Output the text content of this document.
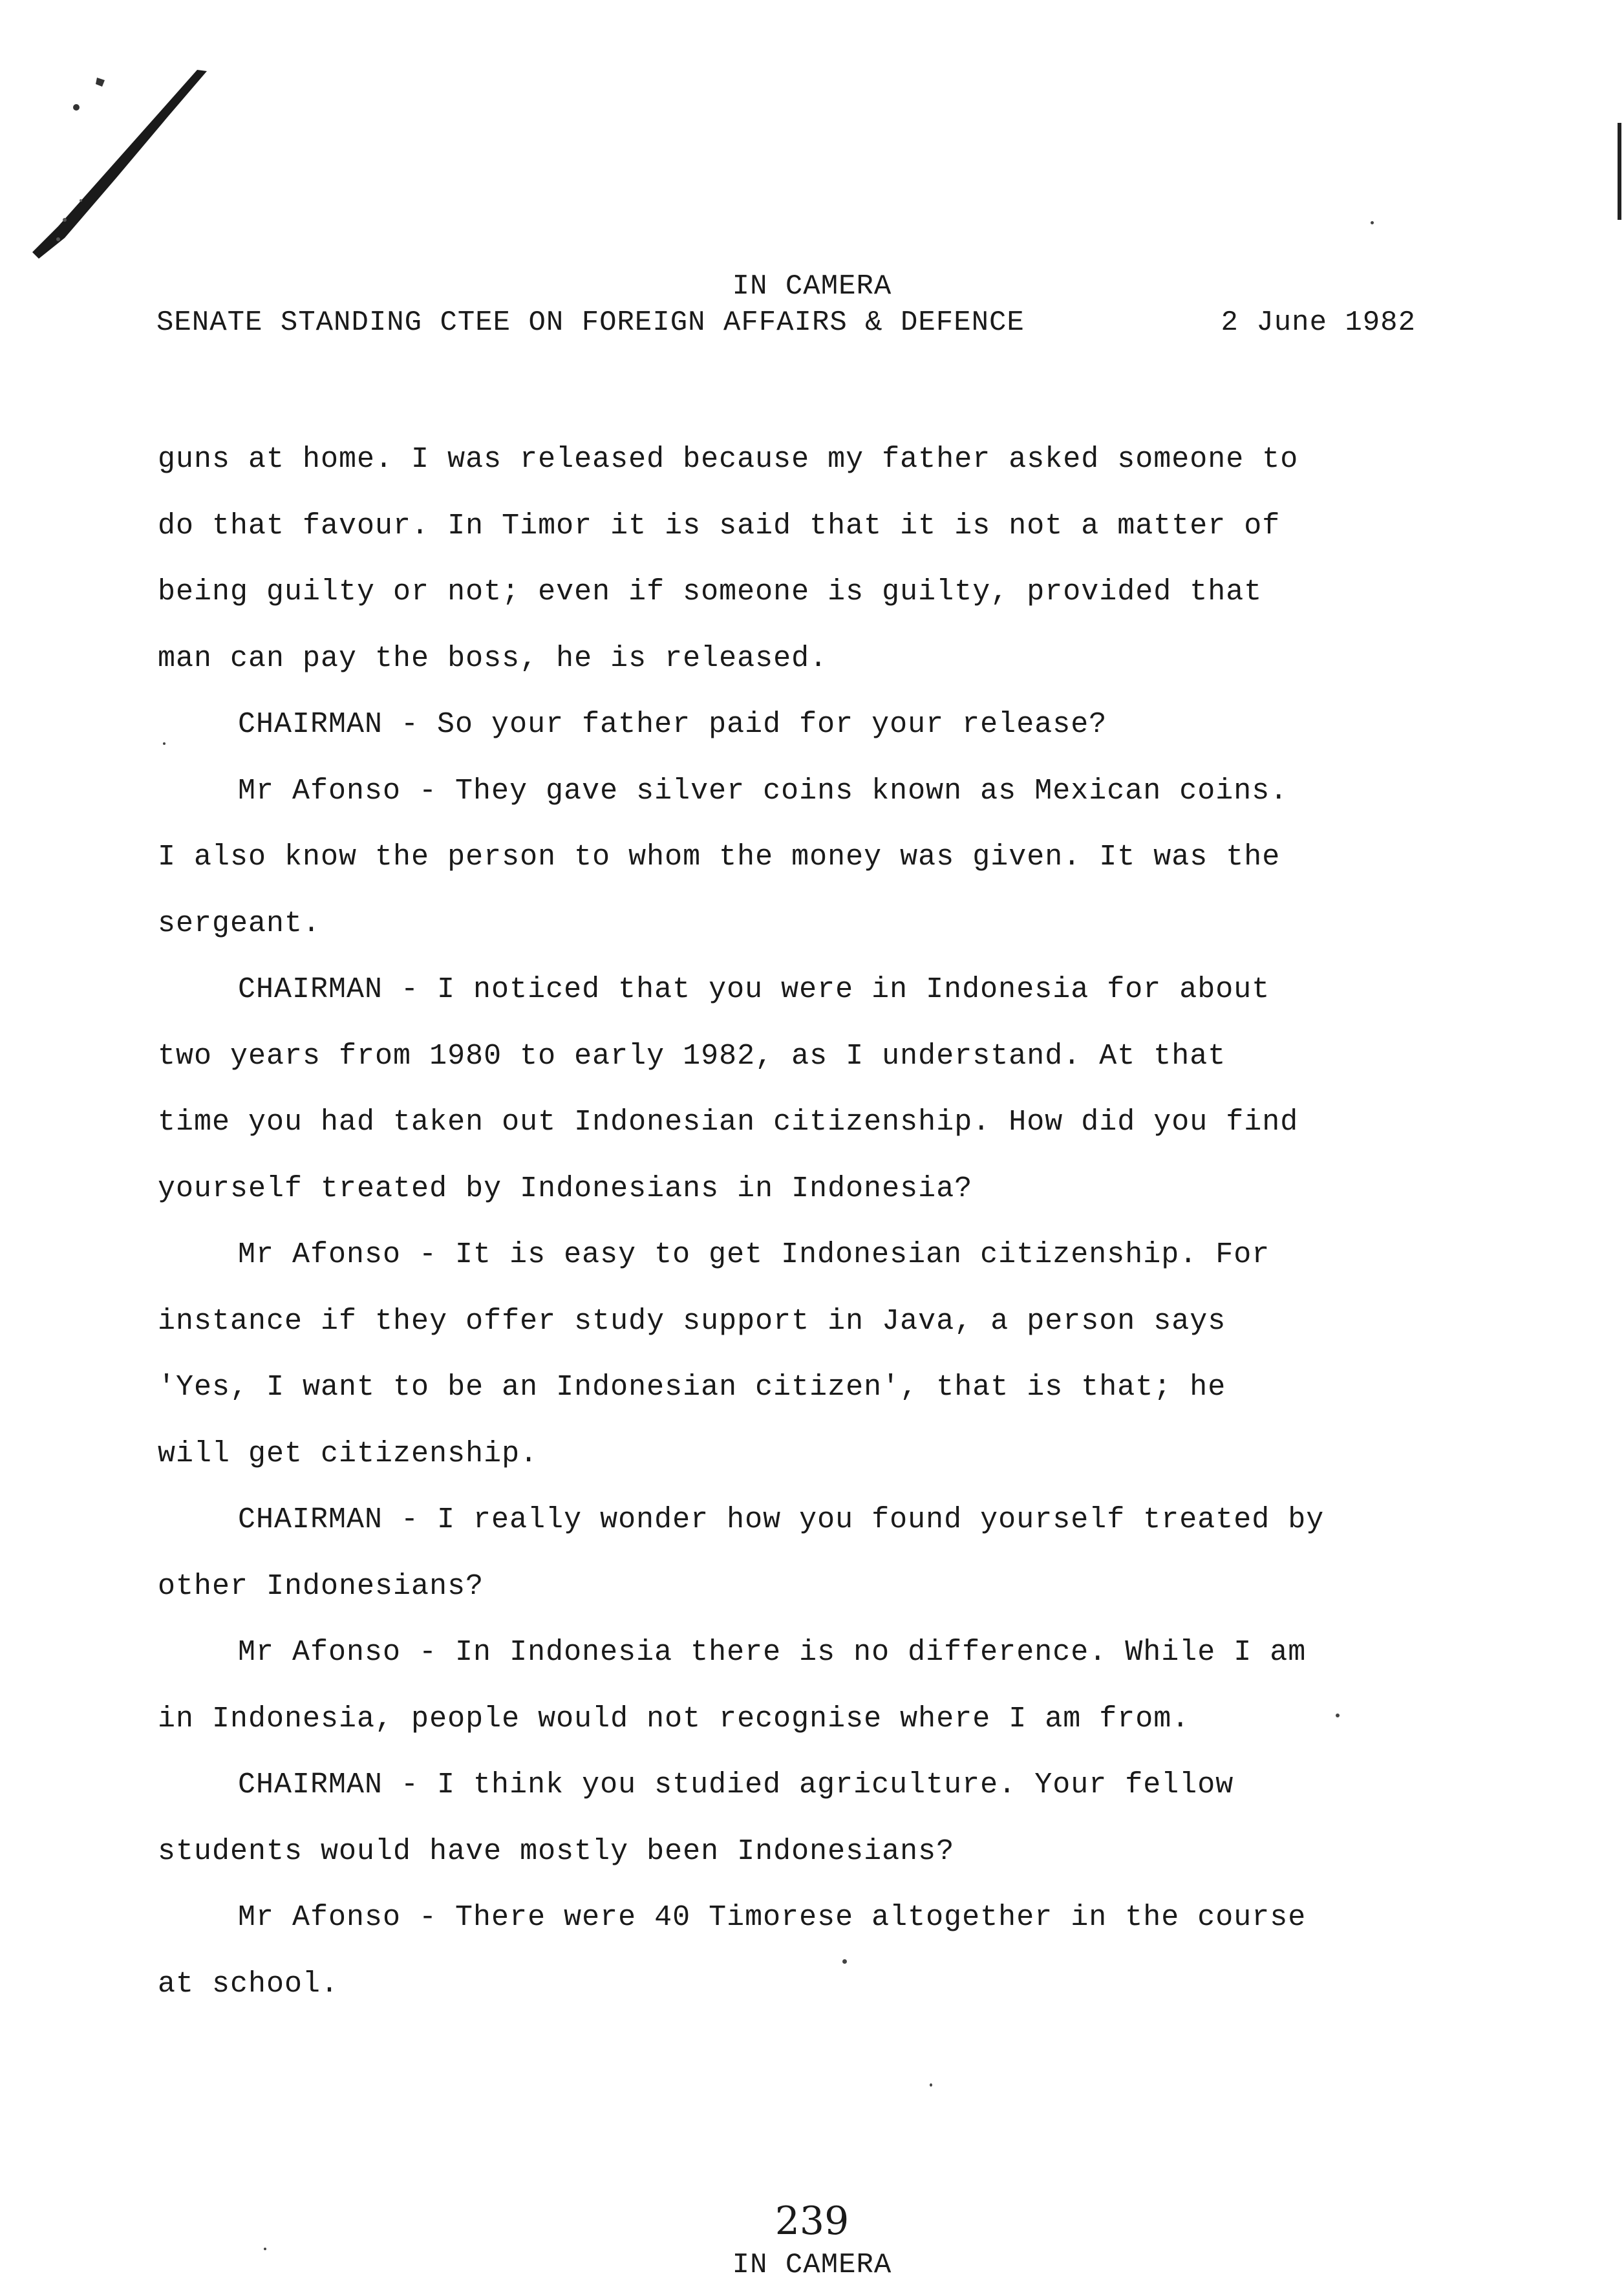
IN CAMERA
SENATE STANDING CTEE ON FOREIGN AFFAIRS & DEFENCE	2 June 1982
guns at home. I was released because my father asked someone to
do that favour. In Timor it is said that it is not a matter of
being guilty or not; even if someone is guilty, provided that
man can pay the boss, he is released.
CHAIRMAN - So your father paid for your release?
Mr Afonso - They gave silver coins known as Mexican coins.
I also know the person to whom the money was given. It was the
sergeant.
CHAIRMAN - I noticed that you were in Indonesia for about
two years from 1980 to early 1982, as I understand. At that
time you had taken out Indonesian citizenship. How did you find
yourself treated by Indonesians in Indonesia?
Mr Afonso - It is easy to get Indonesian citizenship. For
instance if they offer study support in Java, a person says
'Yes, I want to be an Indonesian citizen', that is that; he
will get citizenship.
CHAIRMAN - I really wonder how you found yourself treated by
other Indonesians?
Mr Afonso - In Indonesia there is no difference. While I am
in Indonesia, people would not recognise where I am from.
CHAIRMAN - I think you studied agriculture. Your fellow
students would have mostly been Indonesians?
Mr Afonso - There were 40 Timorese altogether in the course
at school.
239
IN CAMERA
